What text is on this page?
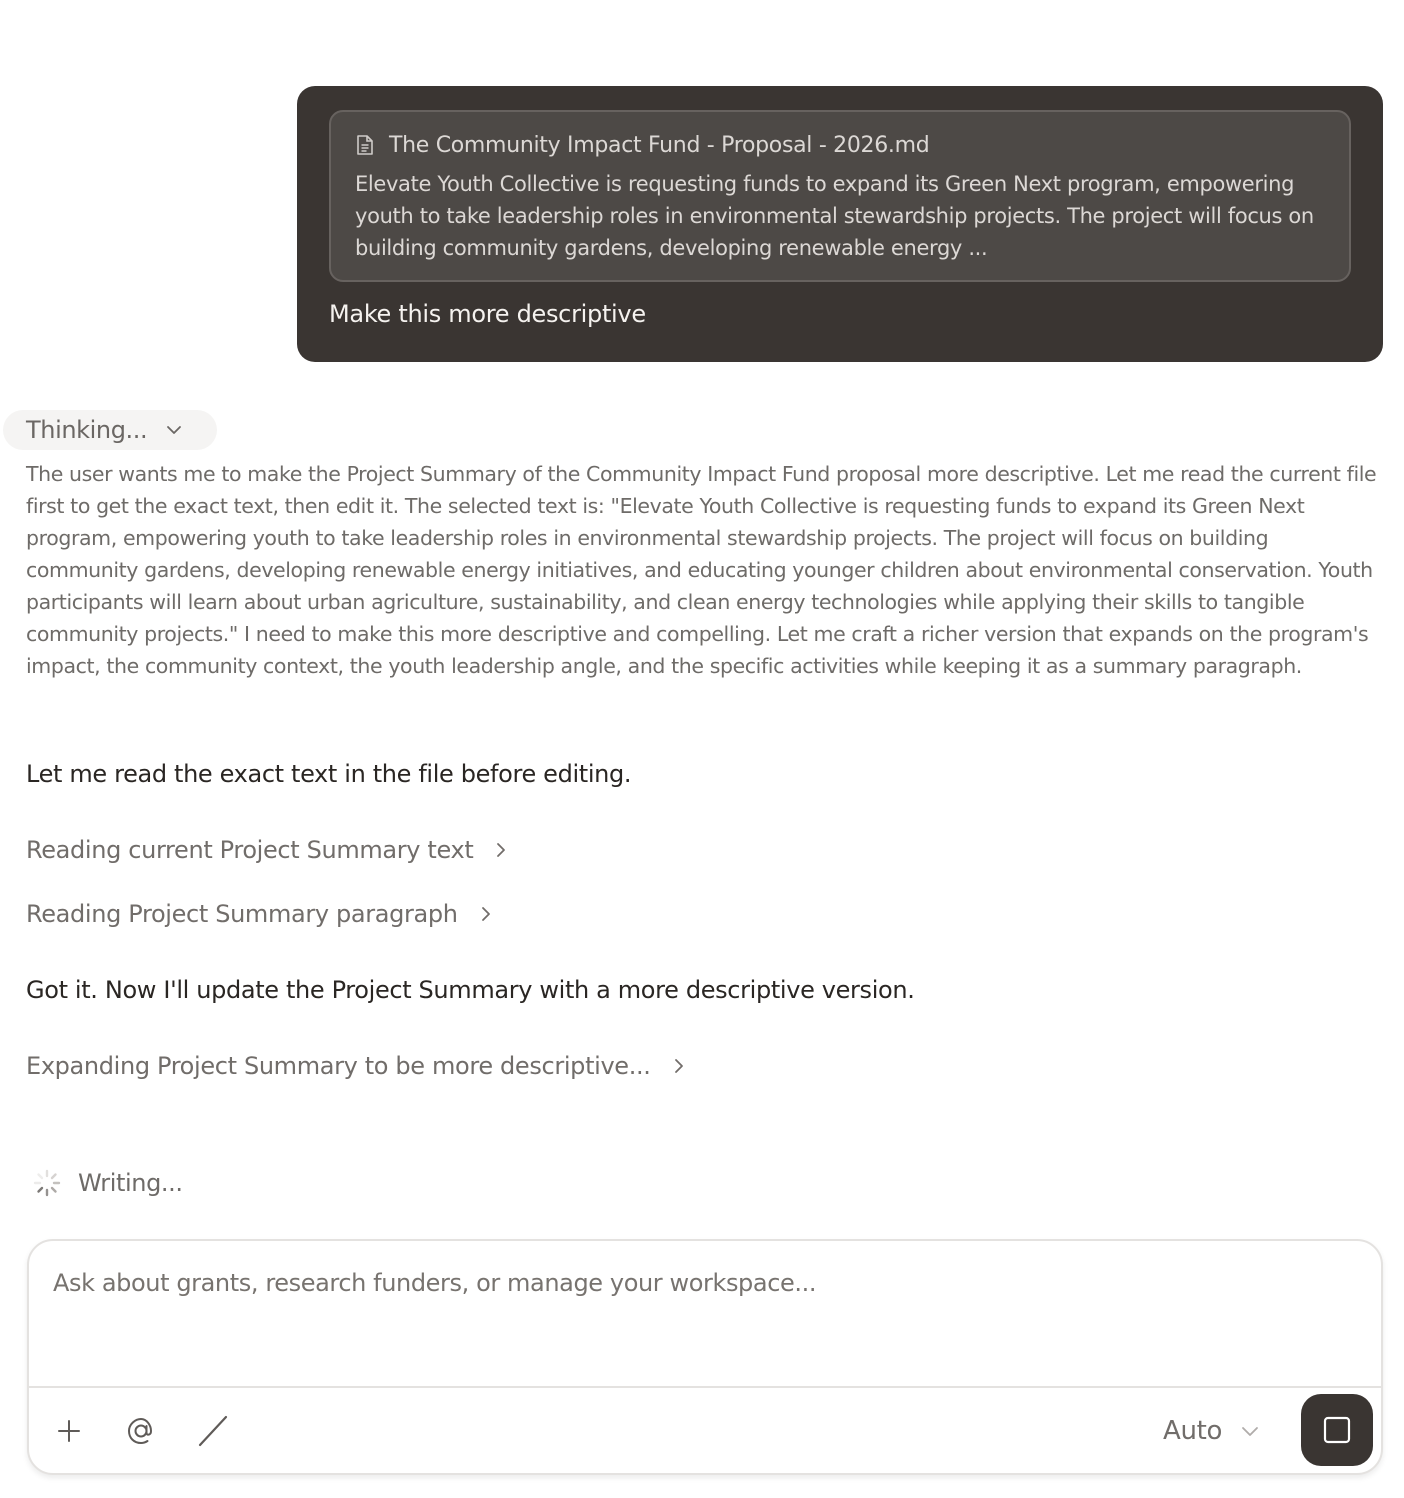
The Community Impact Fund - Proposal - 2026.md
Elevate Youth Collective is requesting funds to expand its Green Next program, empowering youth to take leadership roles in environmental stewardship projects. The project will focus on building community gardens, developing renewable energy ...
Make this more descriptive
Thinking...
The user wants me to make the Project Summary of the Community Impact Fund proposal more descriptive. Let me read the current file first to get the exact text, then edit it. The selected text is: "Elevate Youth Collective is requesting funds to expand its Green Next program, empowering youth to take leadership roles in environmental stewardship projects. The project will focus on building community gardens, developing renewable energy initiatives, and educating younger children about environmental conservation. Youth participants will learn about urban agriculture, sustainability, and clean energy technologies while applying their skills to tangible community projects." I need to make this more descriptive and compelling. Let me craft a richer version that expands on the program's impact, the community context, the youth leadership angle, and the specific activities while keeping it as a summary paragraph.
Let me read the exact text in the file before editing.
Reading current Project Summary text
Reading Project Summary paragraph
Got it. Now I'll update the Project Summary with a more descriptive version.
Expanding Project Summary to be more descriptive...
Writing...
Ask about grants, research funders, or manage your workspace...
Auto
